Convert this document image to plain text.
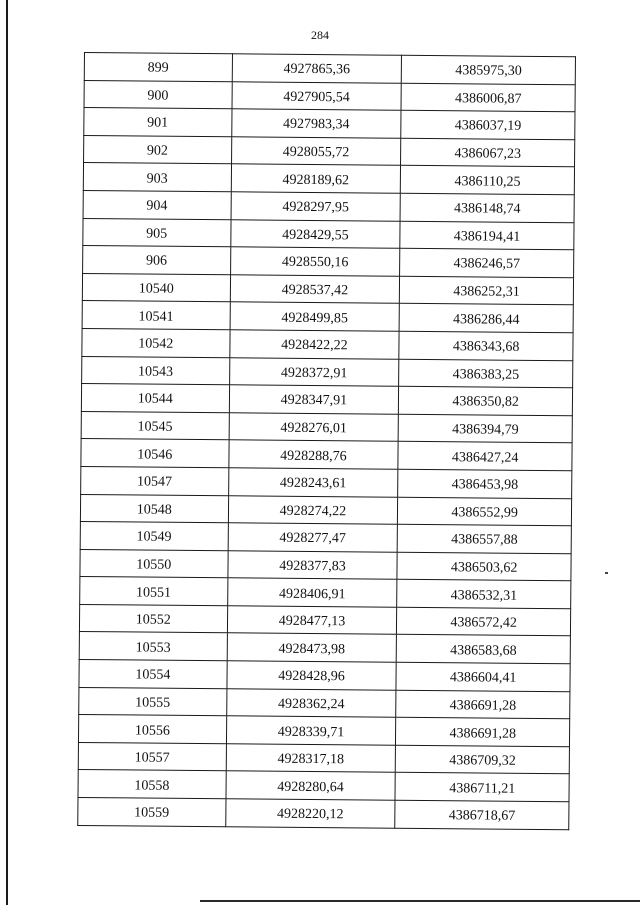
284
899	4927865,36	4385975,30
900	4927905,54	4386006,87
901	4927983,34	4386037,19
902	4928055,72	4386067,23
903	4928189,62	4386110,25
904	4928297,95	4386148,74
905	4928429,55	4386194,41
906	4928550,16	4386246,57
10540	4928537,42	4386252,31
10541	4928499,85	4386286,44
10542	4928422,22	4386343,68
10543	4928372,91	4386383,25
10544	4928347,91	4386350,82
10545	4928276,01	4386394,79
10546	4928288,76	4386427,24
10547	4928243,61	4386453,98
10548	4928274,22	4386552,99
10549	4928277,47	4386557,88
10550	4928377,83	4386503,62
10551	4928406,91	4386532,31
10552	4928477,13	4386572,42
10553	4928473,98	4386583,68
10554	4928428,96	4386604,41
10555	4928362,24	4386691,28
10556	4928339,71	4386691,28
10557	4928317,18	4386709,32
10558	4928280,64	4386711,21
10559	4928220,12	4386718,67
